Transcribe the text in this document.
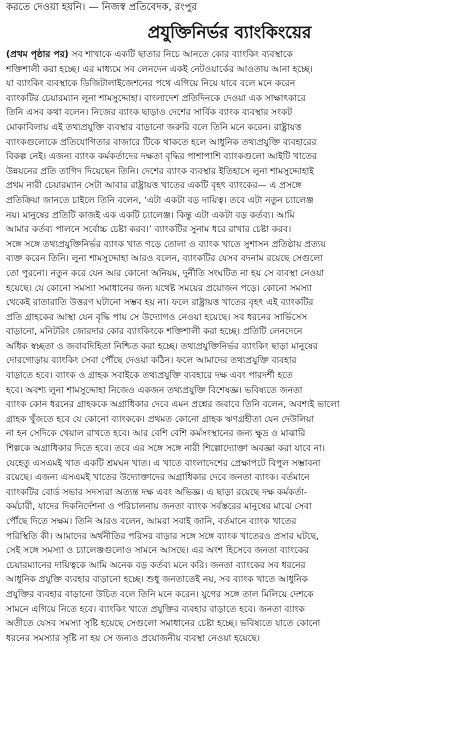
করতে দেওয়া হয়নি। — নিজস্ব প্রতিবেদক, রংপুর
প্রযুক্তিনির্ভর ব্যাংকিংয়ের
(প্রথম পৃষ্ঠার পর) সব শাখাকে একটি ছাতার নিচে আনতে কোর ব্যাংকিং ব্যবস্থাকে
শক্তিশালী করা হচ্ছে। এর মাধ্যমে সব লেনদেন একই নেটওয়ার্কের আওতায় আনা হচ্ছে।
যা ব্যাংকিং ব্যবস্থাকে ডিজিটালাইজেশনের পথে এগিয়ে নিয়ে যাবে বলে মনে করেন
ব্যাংকটির চেয়ারম্যান লুনা শামসুদ্দোহা। বাংলাদেশ প্রতিদিনকে দেওয়া এক সাক্ষাৎকারে
তিনি এসব কথা বলেন। নিজের ব্যাংক ছাড়াও দেশের সার্বিক ব্যাংক ব্যবস্থার সংকট
মোকাবিলায় এই তথ্যপ্রযুক্তি ব্যবস্থার বাড়ানো জরুরি বলে তিনি মনে করেন। রাষ্ট্রায়ত্ত
ব্যাংকগুলোকে প্রতিযোগিতার বাজারে টিকে থাকতে হলে আধুনিক তথ্যপ্রযুক্তি ব্যবহারের
বিকল্প নেই। এজন্য ব্যাংক কর্মকর্তাদের দক্ষতা বৃদ্ধির পাশাপাশি ব্যাংকগুলো আইটি খাতের
উন্নয়নের প্রতি তাগিদ দিয়েছেন তিনি। দেশের ব্যাংক ব্যবস্থার ইতিহাসে লুনা শামসুদ্দোহাই
প্রথম নারী চেয়ারম্যান সেটা আবার রাষ্ট্রায়ত্ত খাতের একটি বৃহৎ ব্যাংকের— এ প্রসঙ্গে
প্রতিক্রিয়া জানতে চাইলে তিনি বলেন, ‘এটা একটা বড় দায়িত্ব। তবে এটা নতুন চ্যালেঞ্জ
নয়। মানুষের প্রতিটি কাজই এক একটি চ্যালেঞ্জ। কিন্তু এটা একটা বড় কর্তব্য। আমি
আমার কর্তব্য পালনে সর্বোচ্চ চেষ্টা করব।’ ব্যাংকটির সুনাম ধরে রাখার চেষ্টা করব।
সঙ্গে সঙ্গে তথ্যপ্রযুক্তিনির্ভর ব্যাংক খাত গড়ে তোলা ও ব্যাংক খাতে সুশাসন প্রতিষ্ঠায় প্রত্যয়
ব্যক্ত করেন তিনি। লুনা শামসুদ্দোহা আরও বলেন, ব্যাংকটির যেসব বদনাম রয়েছে সেগুলো
তো পুরনো। নতুন করে যেন আর কোনো অনিয়ম, দুর্নীতি সংঘটিত না হয় সে ব্যবস্থা নেওয়া
হয়েছে। যে কোনো সমস্যা সমাধানের জন্য যথেষ্ট সময়ের প্রয়োজন পড়ে। কোনো সমস্যা
থেকেই রাতারাতি উত্তরণ ঘটানো সম্ভব হয় না। ফলে রাষ্ট্রায়ত্ত খাতের বৃহৎ এই ব্যাংকটির
প্রতি গ্রাহকের আস্থা যেন বৃদ্ধি পায় সে উদ্যোগও নেওয়া হয়েছে। সব ধরনের সার্ভিসেস
বাড়ানো, মনিটরিং জোরদার কোর ব্যাংকিংকে শক্তিশালী করা হচ্ছে। প্রতিটি লেনদেনে
অধিক স্বচ্ছতা ও জবাবদিহিতা নিশ্চিত করা হচ্ছে। তথ্যপ্রযুক্তিনির্ভর ব্যাংকিং ছাড়া মানুষের
দোরগোড়ায় ব্যাংকিং সেবা পৌঁছে দেওয়া কঠিন। ফলে আমাদের তথ্যপ্রযুক্তি ব্যবহার
বাড়াতে হবে। ব্যাংক ও গ্রাহক সবাইকে তথ্যপ্রযুক্তি ব্যবহারে দক্ষ এবং পারদর্শী হতে
হবে। অবশ্য লুনা শামসুদ্দোহা নিজেও একজন তথ্যপ্রযুক্তি বিশেষজ্ঞ। ভবিষ্যতে জনতা
ব্যাংক কোন ধরনের গ্রাহককে অগ্রাধিকার দেবে এমন প্রশ্নের জবাবে তিনি বলেন, অবশ্যই ভালো
গ্রাহক খুঁজতে হবে যে কোনো ব্যাংককে। প্রথমত কোনো গ্রাহক ঋণগ্রহীতা যেন দেউলিয়া
না হন সেদিকে খেয়াল রাখতে হবে। আর বেশি বেশি কর্মসংস্থানের জন্য ক্ষুদ্র ও মাঝারি
শিল্পকে অগ্রাধিকার দিতে হবে। তবে এর সঙ্গে সঙ্গে নারী শিল্পোদ্যোক্তা অবজ্ঞা করা যাবে না।
যেহেতু এসএমই খাত একটি শ্রমঘন খাত। এ খাতে বাংলাদেশের প্রেক্ষাপটে বিপুল সম্ভাবনা
রয়েছে। এজন্য এসএমই খাতের উদ্যোক্তাদের অগ্রাধিকার দেবে জনতা ব্যাংক। বর্তমানে
ব্যাংকটির বোর্ড সভার সদস্যরা অত্যন্ত দক্ষ এবং অভিজ্ঞ। এ ছাড়া রয়েছে দক্ষ কর্মকর্তা-
কর্মচারী, যাদের দিকনির্দেশনা ও পরিচালনায় জনতা ব্যাংক সর্বস্তরের মানুষের মাঝে সেবা
পৌঁছে দিতে সক্ষম। তিনি আরও বলেন, আমরা সবাই জানি, বর্তমানে ব্যাংক খাতের
পরিস্থিতি কী। আমাদের অর্থনীতির পরিসর বাড়ার সঙ্গে সঙ্গে ব্যাংক খাতেরও প্রসার ঘটছে,
সেই সঙ্গে সমস্যা ও চ্যালেঞ্জগুলোও সামনে আসছে। এর অংশ হিসেবে জনতা ব্যাংকের
চেয়ারম্যানের দায়িত্বকে আমি অনেক বড় কর্তব্য মনে করি। জনতা ব্যাংকের সব ধরনের
আধুনিক প্রযুক্তি ব্যবহার বাড়ানো হচ্ছে। শুধু জনতাতেই নয়, সব ব্যাংক খাতে আধুনিক
প্রযুক্তির ব্যবহার বাড়ানো উচিত বলে তিনি মনে করেন। যুগের সঙ্গে তাল মিলিয়ে দেশকে
সামনে এগিয়ে নিতে হবে। ব্যাংকিং খাতে প্রযুক্তির ব্যবহার বাড়াতে হবে। জনতা ব্যাংক
অতীতে যেসব সমস্যা সৃষ্টি হয়েছে সেগুলো সমাধানের চেষ্টা হচ্ছে। ভবিষ্যতে যাতে কোনো
ধরনের সমস্যার সৃষ্টি না হয় সে জন্যও প্রয়োজনীয় ব্যবস্থা নেওয়া হয়েছে।
